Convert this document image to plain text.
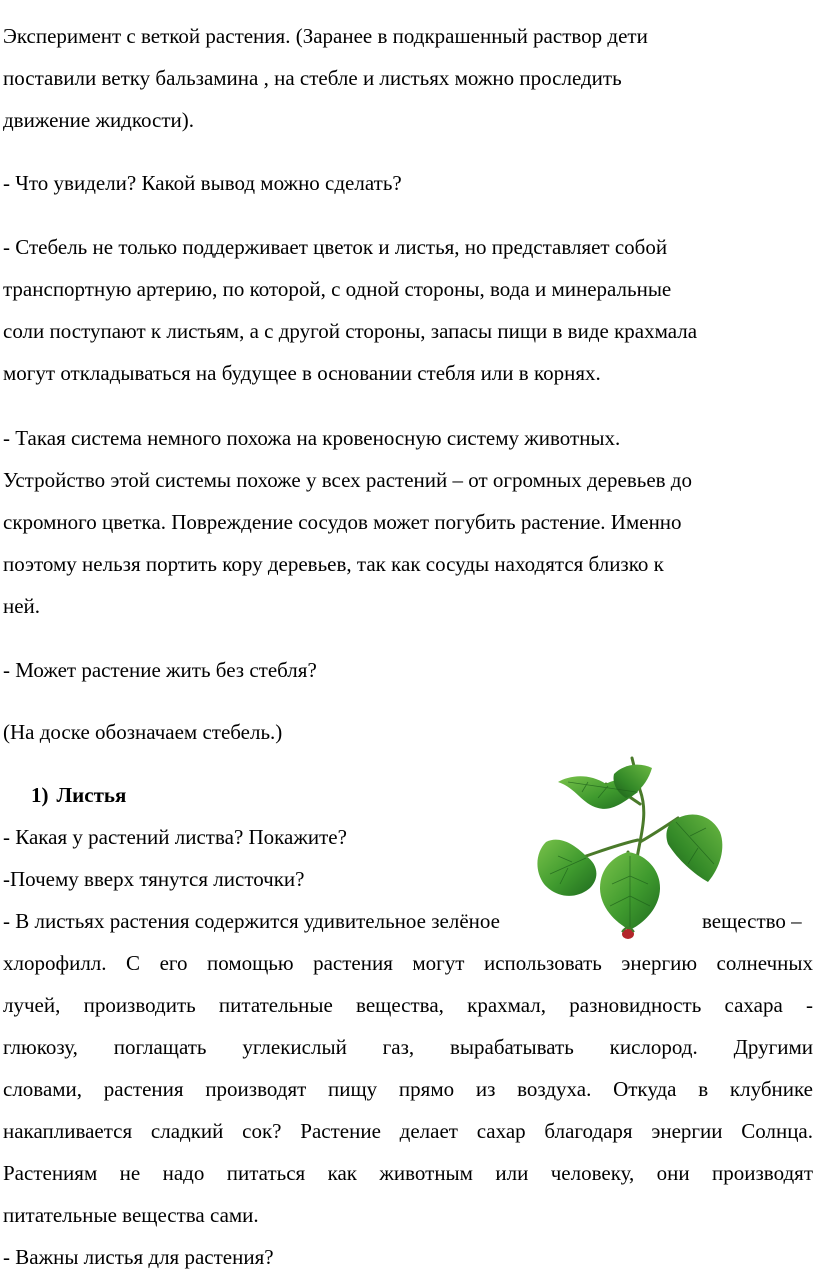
Эксперимент с веткой растения. (Заранее в подкрашенный раствор дети
поставили ветку бальзамина , на стебле и листьях можно проследить
движение жидкости).
- Что увидели? Какой вывод можно сделать?
- Стебель не только поддерживает цветок и листья, но представляет собой
транспортную артерию, по которой, с одной стороны, вода и минеральные
соли поступают к листьям, а с другой стороны, запасы пищи в виде крахмала
могут откладываться на будущее в основании стебля или в корнях.
- Такая система немного похожа на кровеносную систему животных.
Устройство этой системы похоже у всех растений – от огромных деревьев до
скромного цветка. Повреждение сосудов может погубить растение. Именно
поэтому нельзя портить кору деревьев, так как сосуды находятся близко к
ней.
- Может растение жить без стебля?
(На доске обозначаем стебель.)
1) Листья
- Какая у растений листва? Покажите?
-Почему вверх тянутся листочки?
- В листьях растения содержится удивительное зелёное	вещество –
хлорофилл. С его помощью растения могут использовать энергию солнечных
лучей, производить питательные вещества, крахмал, разновидность сахара -
глюкозу, поглащать углекислый газ, вырабатывать кислород. Другими
словами, растения производят пищу прямо из воздуха. Откуда в клубнике
накапливается сладкий сок? Растение делает сахар благодаря энергии Солнца.
Растениям не надо питаться как животным или человеку, они производят
питательные вещества сами.
- Важны листья для растения?
